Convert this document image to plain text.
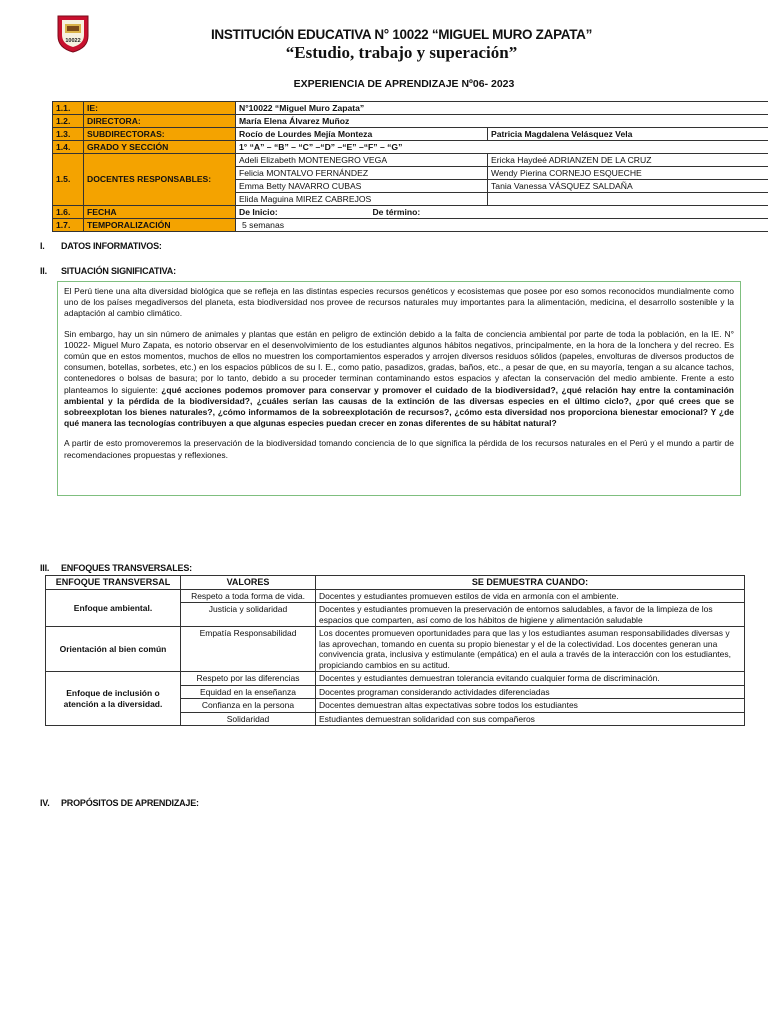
10022	INSTITUCIÓN EDUCATIVA N° 10022 “MIGUEL MURO ZAPATA”
“Estudio, trabajo y superación”
EXPERIENCIA DE APRENDIZAJE Nº06- 2023
1.1.	IE:	N°10022 “Miguel Muro Zapata”	
1.2.	DIRECTORA:	María Elena Álvarez Muñoz	
1.3.	SUBDIRECTORAS:	Rocío de Lourdes Mejía Monteza	Patricia Magdalena Velásquez Vela
1.4.	GRADO Y SECCIÓN	1° “A” – “B” – “C” –“D” –“E” –“F” – “G”	
1.5.	DOCENTES RESPONSABLES:	Adeli Elizabeth MONTENEGRO VEGA	Ericka Haydeé ADRIANZEN DE LA CRUZ
		Felicia MONTALVO FERNÁNDEZ	Wendy Pierina CORNEJO ESQUECHE
		Emma Betty NAVARRO CUBAS	Tania Vanessa VÁSQUEZ SALDAÑA
		Elida Maguina MIREZ CABREJOS	
1.6.	FECHA	De Inicio: De término:	
1.7.	TEMPORALIZACIÓN	5 semanas	
I. DATOS INFORMATIVOS:
II. SITUACIÓN SIGNIFICATIVA:

El Perú tiene una alta diversidad biológica que se refleja en las distintas especies recursos genéticos y ecosistemas que posee por eso somos reconocidos mundialmente como uno de los países megadiversos del planeta, esta biodiversidad nos provee de recursos naturales muy importantes para la alimentación, medicina, el desarrollo sostenible y la adaptación al cambio climático.

Sin embargo, hay un sin número de animales y plantas que están en peligro de extinción debido a la falta de conciencia ambiental por parte de toda la población, en la IE. N° 10022- Miguel Muro Zapata, es notorio observar en el desenvolvimiento de los estudiantes algunos hábitos negativos, principalmente, en la hora de la lonchera y del recreo. Es común que en estos momentos, muchos de ellos no muestren los comportamientos esperados y arrojen diversos residuos sólidos (papeles, envolturas de diversos productos de consumen, botellas, sorbetes, etc.) en los espacios públicos de su I. E., como patio, pasadizos, gradas, baños, etc., a pesar de que, en su mayoría, tengan a su alcance tachos, contenedores o bolsas de basura; por lo tanto, debido a su proceder terminan contaminando estos espacios y afectan la conservación del medio ambiente. Frente a esto planteamos lo siguiente: ¿qué acciones podemos promover para conservar y promover el cuidado de la biodiversidad?, ¿qué relación hay entre la contaminación ambiental y la pérdida de la biodiversidad?, ¿cuáles serían las causas de la extinción de las diversas especies en el último ciclo?, ¿por qué crees que se sobreexplotan los bienes naturales?, ¿cómo informamos de la sobreexplotación de recursos?, ¿cómo esta diversidad nos proporciona bienestar emocional? Y ¿de qué manera las tecnologías contribuyen a que algunas especies puedan crecer en zonas diferentes de su hábitat natural?

A partir de esto promoveremos la preservación de la biodiversidad tomando conciencia de lo que significa la pérdida de los recursos naturales en el Perú y el mundo a partir de recomendaciones propuestas y reflexiones.

III. ENFOQUES TRANSVERSALES:
ENFOQUE TRANSVERSAL	VALORES	SE DEMUESTRA CUANDO:
Enfoque ambiental.	Respeto a toda forma de vida.	Docentes y estudiantes promueven estilos de vida en armonía con el ambiente.
	Justicia y solidaridad	Docentes y estudiantes promueven la preservación de entornos saludables, a favor de la limpieza de los espacios que comparten, así como de los hábitos de higiene y alimentación saludable
Orientación al bien común	Empatía Responsabilidad	Los docentes promueven oportunidades para que las y los estudiantes asuman responsabilidades diversas y las aprovechan, tomando en cuenta su propio bienestar y el de la colectividad. Los docentes generan una convivencia grata, inclusiva y estimulante (empática) en el aula a través de la interacción con los estudiantes, propiciando cambios en su actitud.
Enfoque de inclusión o atención a la diversidad.	Respeto por las diferencias	Docentes y estudiantes demuestran tolerancia evitando cualquier forma de discriminación.
	Equidad en la enseñanza	Docentes programan considerando actividades diferenciadas
	Confianza en la persona	Docentes demuestran altas expectativas sobre todos los estudiantes
	Solidaridad	Estudiantes demuestran solidaridad con sus compañeros
IV. PROPÓSITOS DE APRENDIZAJE:
